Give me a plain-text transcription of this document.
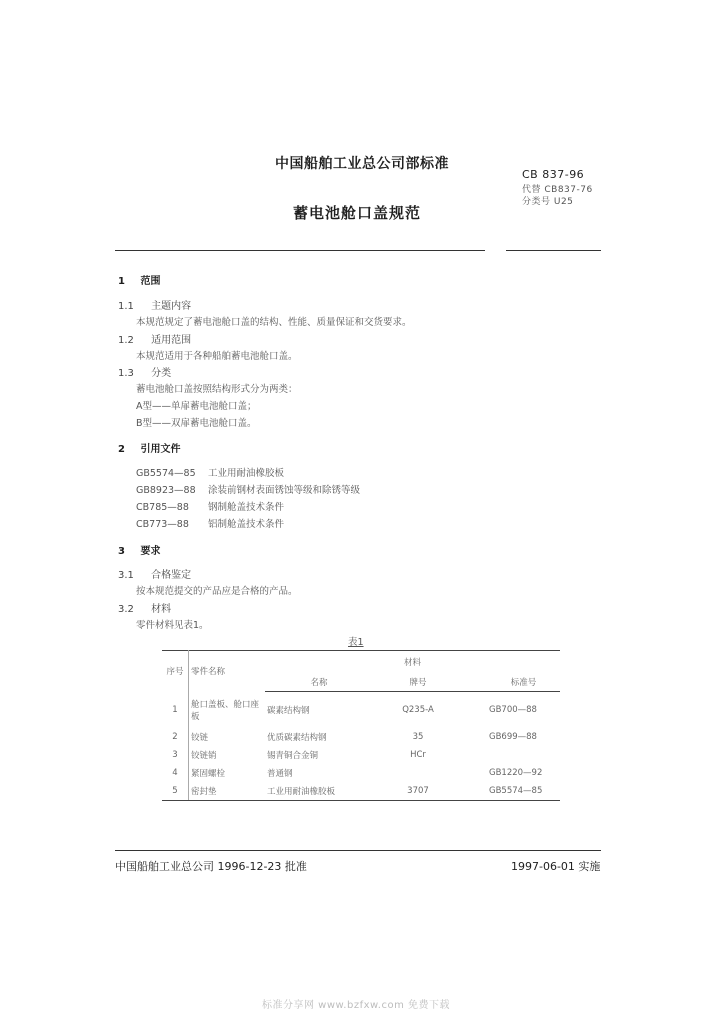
中国船舶工业总公司部标准
CB 837-96
代替 CB837-76
分类号 U25
蓄电池舱口盖规范
1 范围
1.1 主题内容
本规范规定了蓄电池舱口盖的结构、性能、质量保证和交货要求。
1.2 适用范围
本规范适用于各种船舶蓄电池舱口盖。
1.3 分类
蓄电池舱口盖按照结构形式分为两类：
A型——单扉蓄电池舱口盖；
B型——双扉蓄电池舱口盖。
2 引用文件
GB5574—85 工业用耐油橡胶板
GB8923—88 涂装前钢材表面锈蚀等级和除锈等级
CB785—88 钢制舱盖技术条件
CB773—88 铝制舱盖技术条件
3 要求
3.1 合格鉴定
按本规范提交的产品应是合格的产品。
3.2 材料
零件材料见表1。
表1
序号	零件名称	材料		
		名称	牌号	标准号
1	舱口盖板、舱口座板	碳素结构钢	Q235-A	GB700—88
2	铰链	优质碳素结构钢	35	GB699—88
3	铰链销	锡青铜合金铜	HCr	
4	紧固螺栓	普通钢		GB1220—92
5	密封垫	工业用耐油橡胶板	3707	GB5574—85
中国船舶工业总公司 1996-12-23 批准	1997-06-01 实施
标准分享网 www.bzfxw.com 免费下载
